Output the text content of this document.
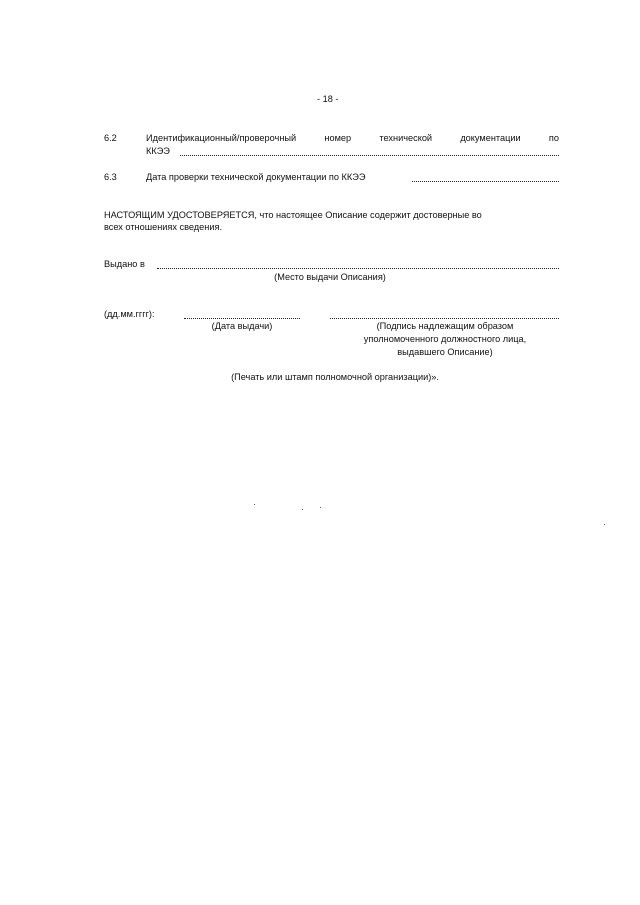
- 18 -
6.2	Идентификационный/проверочный	номер	технической	документации	по
ККЭЭ
6.3	Дата проверки технической документации по ККЭЭ
НАСТОЯЩИМ УДОСТОВЕРЯЕТСЯ, что настоящее Описание содержит достоверные во
всех отношениях сведения.
Выдано в
(Место выдачи Описания)
(дд.мм.гггг):
(Дата выдачи)	(Подпись надлежащим образом
уполномоченного должностного лица,
выдавшего Описание)
(Печать или штамп полномочной организации)».
